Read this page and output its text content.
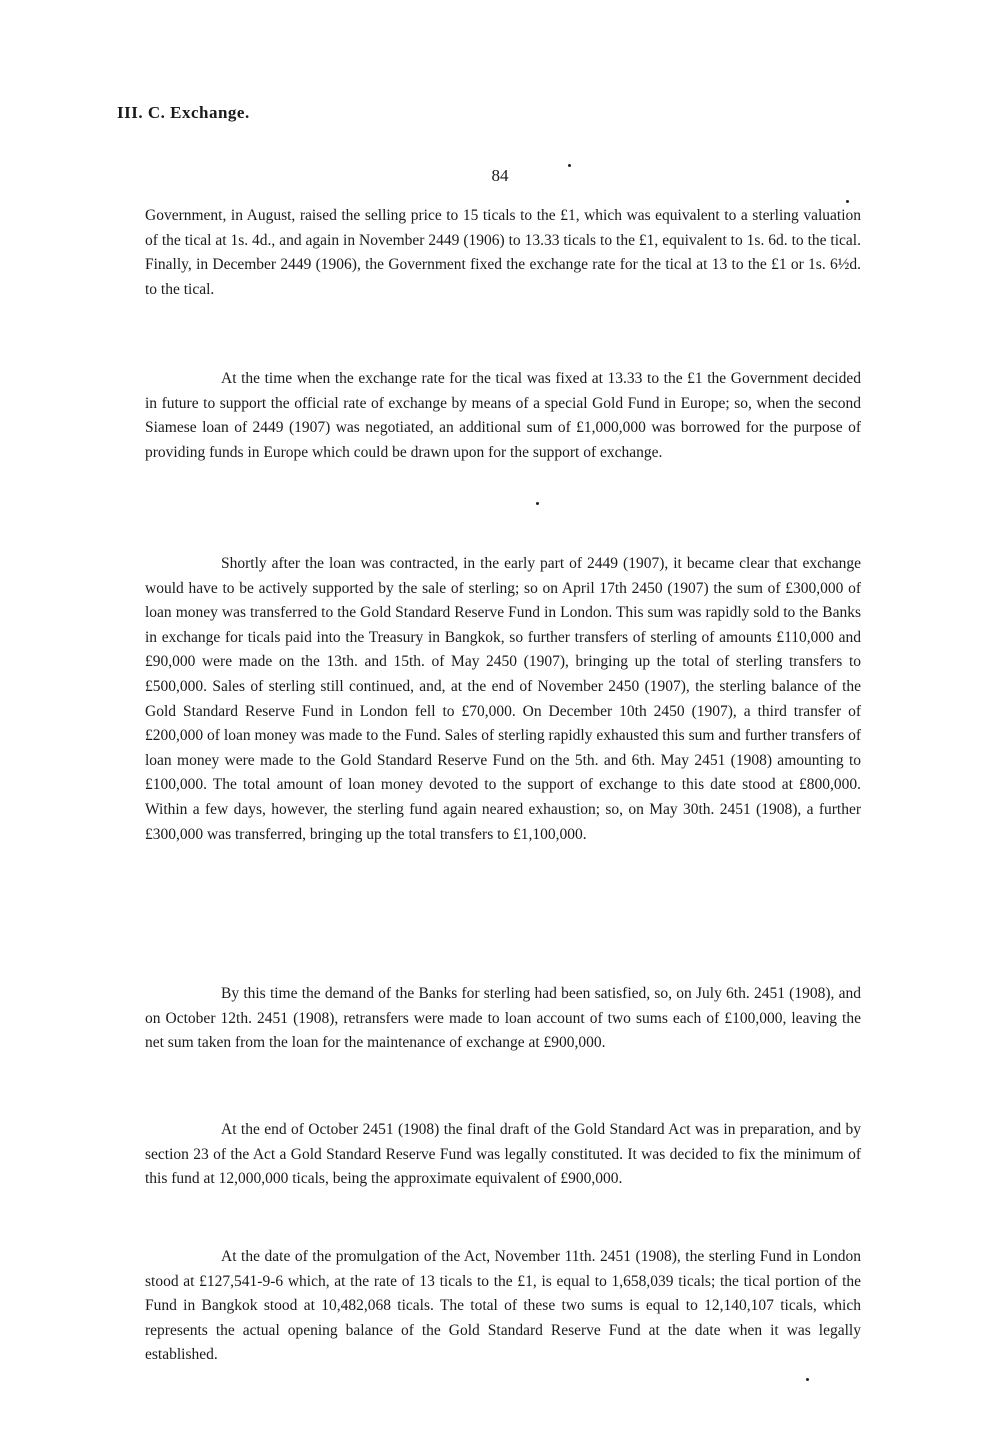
III. C. Exchange.
84

Government, in August, raised the selling price to 15 ticals to the £1, which was equivalent to a sterling valuation of the tical at 1s. 4d., and again in November 2449 (1906) to 13.33 ticals to the £1, equivalent to 1s. 6d. to the tical. Finally, in December 2449 (1906), the Government fixed the exchange rate for the tical at 13 to the £1 or 1s. 6½d. to the tical.

At the time when the exchange rate for the tical was fixed at 13.33 to the £1 the Government decided in future to support the official rate of exchange by means of a special Gold Fund in Europe; so, when the second Siamese loan of 2449 (1907) was negotiated, an additional sum of £1,000,000 was borrowed for the purpose of providing funds in Europe which could be drawn upon for the support of exchange.

Shortly after the loan was contracted, in the early part of 2449 (1907), it became clear that exchange would have to be actively supported by the sale of sterling; so on April 17th 2450 (1907) the sum of £300,000 of loan money was transferred to the Gold Standard Reserve Fund in London. This sum was rapidly sold to the Banks in exchange for ticals paid into the Treasury in Bangkok, so further transfers of sterling of amounts £110,000 and £90,000 were made on the 13th. and 15th. of May 2450 (1907), bringing up the total of sterling transfers to £500,000. Sales of sterling still continued, and, at the end of November 2450 (1907), the sterling balance of the Gold Standard Reserve Fund in London fell to £70,000. On December 10th 2450 (1907), a third transfer of £200,000 of loan money was made to the Fund. Sales of sterling rapidly exhausted this sum and further transfers of loan money were made to the Gold Standard Reserve Fund on the 5th. and 6th. May 2451 (1908) amounting to £100,000. The total amount of loan money devoted to the support of exchange to this date stood at £800,000. Within a few days, however, the sterling fund again neared exhaustion; so, on May 30th. 2451 (1908), a further £300,000 was transferred, bringing up the total transfers to £1,100,000.

By this time the demand of the Banks for sterling had been satisfied, so, on July 6th. 2451 (1908), and on October 12th. 2451 (1908), retransfers were made to loan account of two sums each of £100,000, leaving the net sum taken from the loan for the maintenance of exchange at £900,000.

At the end of October 2451 (1908) the final draft of the Gold Standard Act was in preparation, and by section 23 of the Act a Gold Standard Reserve Fund was legally constituted. It was decided to fix the minimum of this fund at 12,000,000 ticals, being the approximate equivalent of £900,000.

At the date of the promulgation of the Act, November 11th. 2451 (1908), the sterling Fund in London stood at £127,541-9-6 which, at the rate of 13 ticals to the £1, is equal to 1,658,039 ticals; the tical portion of the Fund in Bangkok stood at 10,482,068 ticals. The total of these two sums is equal to 12,140,107 ticals, which represents the actual opening balance of the Gold Standard Reserve Fund at the date when it was legally established.
